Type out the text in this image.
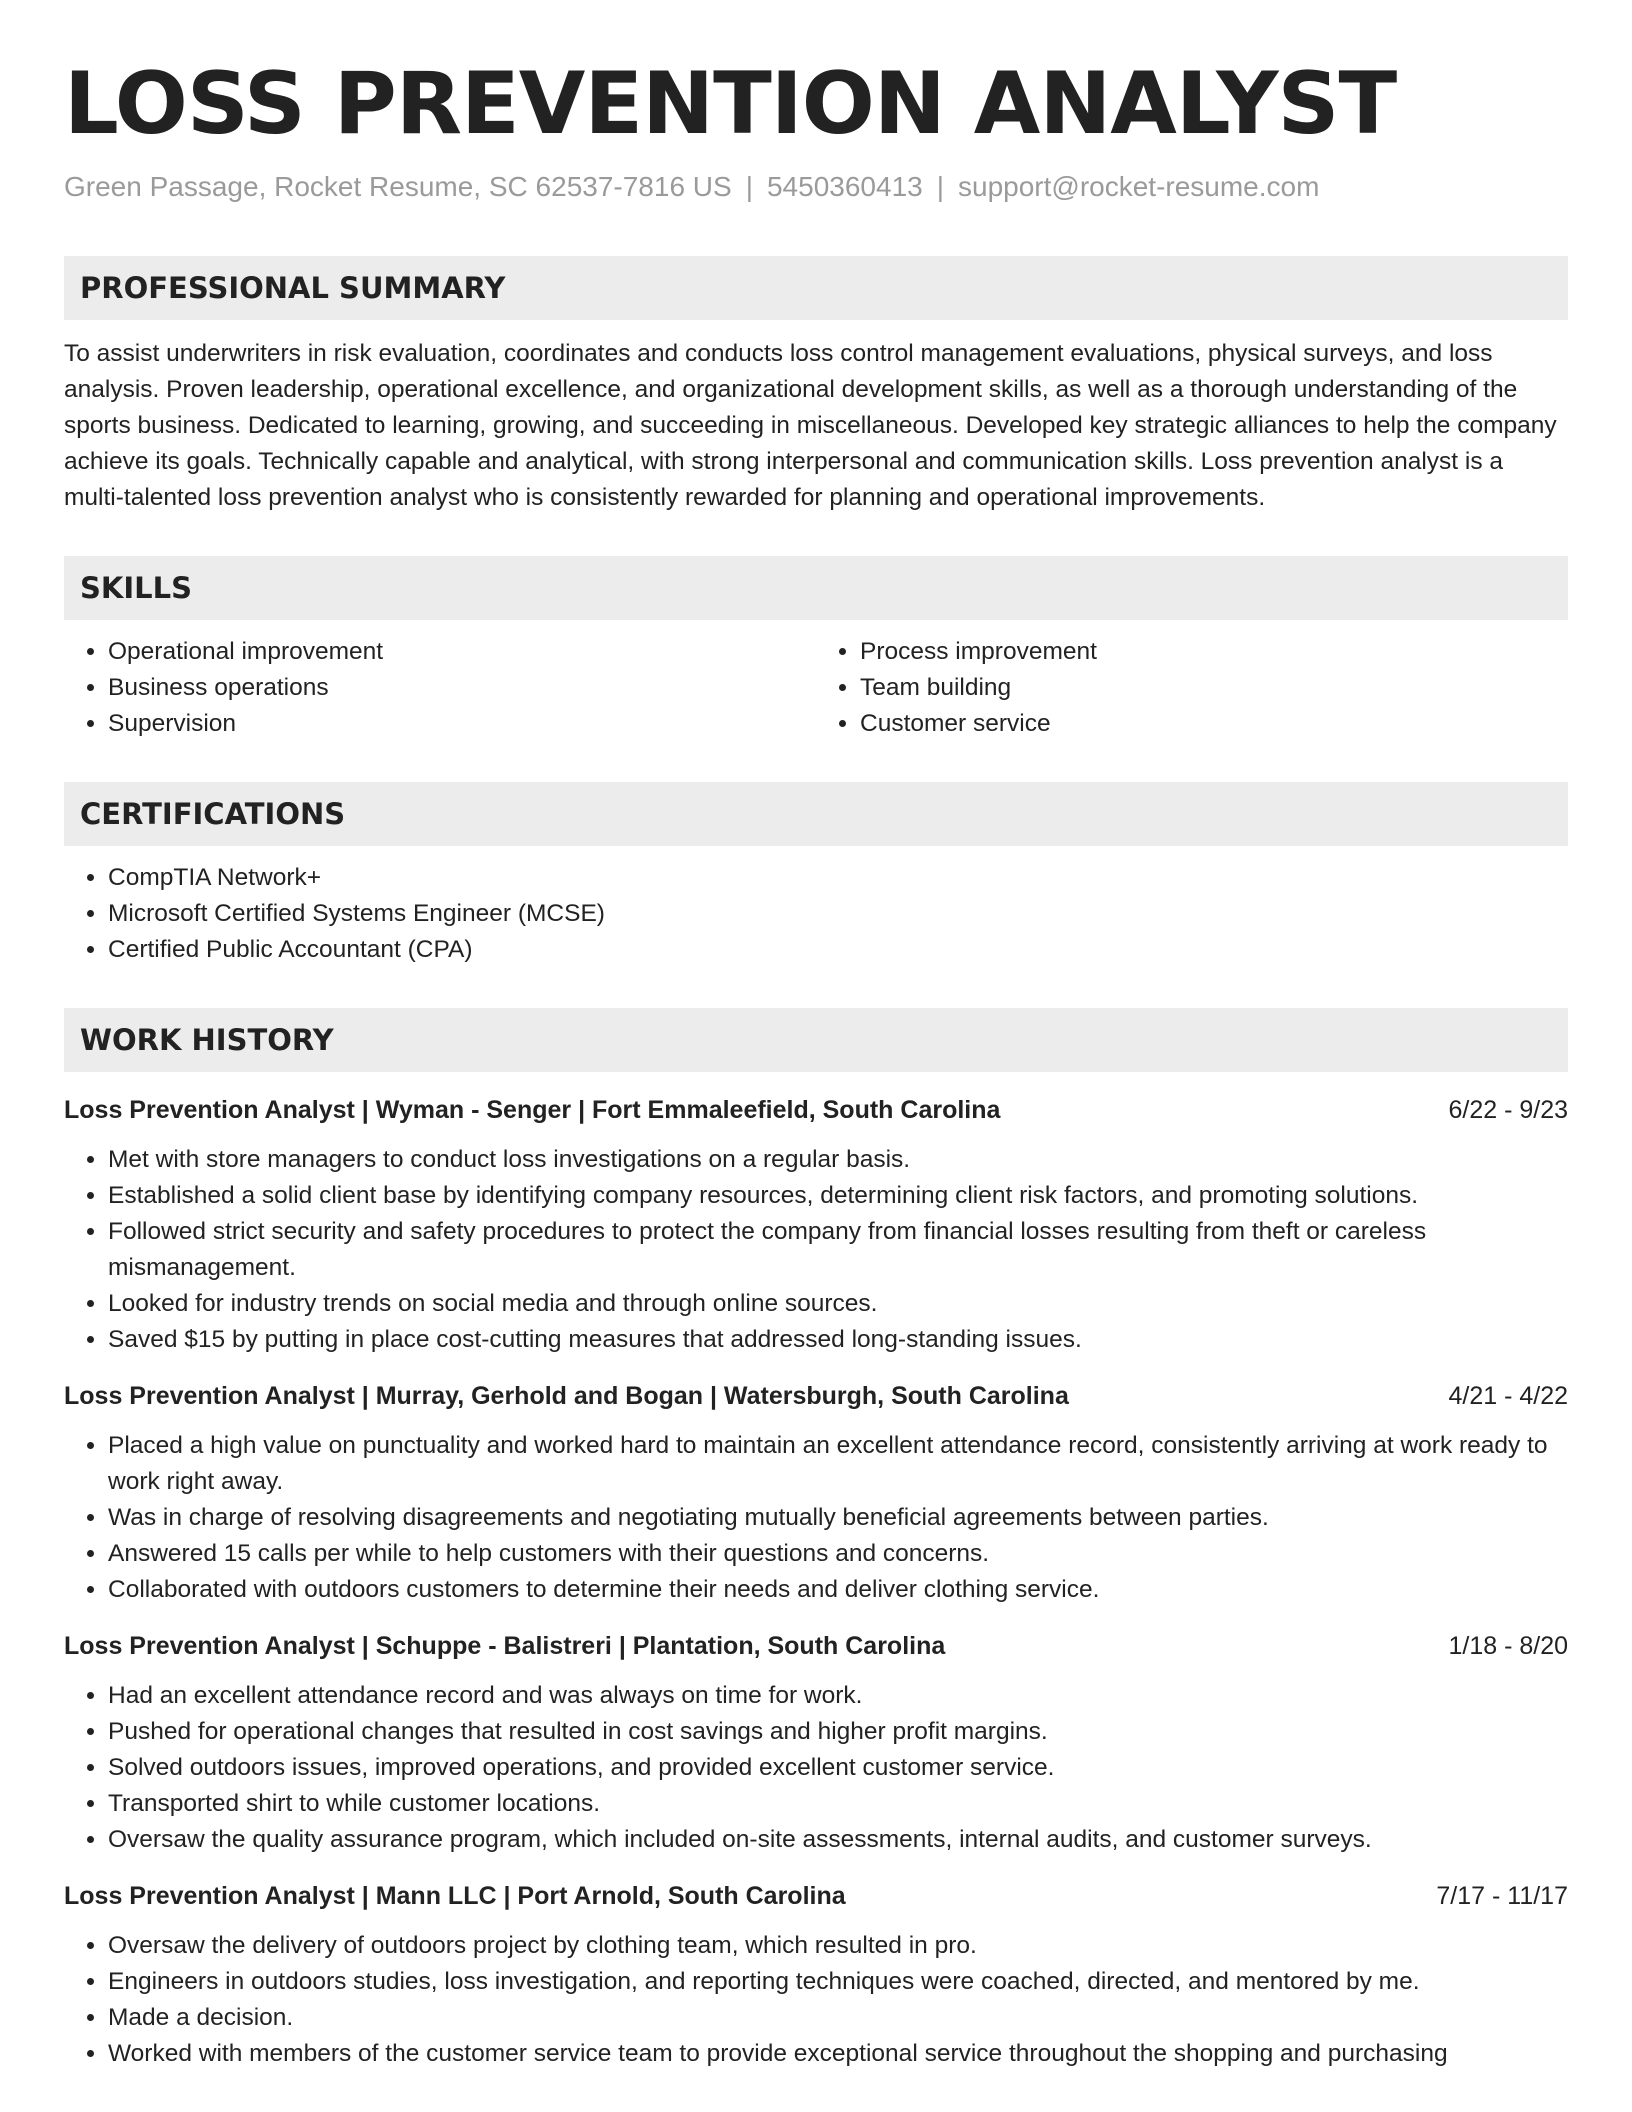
LOSS PREVENTION ANALYST
Green Passage, Rocket Resume, SC 62537-7816 US | 5450360413 | support@rocket-resume.com
PROFESSIONAL SUMMARY
To assist underwriters in risk evaluation, coordinates and conducts loss control management evaluations, physical surveys, and loss analysis. Proven leadership, operational excellence, and organizational development skills, as well as a thorough understanding of the sports business. Dedicated to learning, growing, and succeeding in miscellaneous. Developed key strategic alliances to help the company achieve its goals. Technically capable and analytical, with strong interpersonal and communication skills. Loss prevention analyst is a multi-talented loss prevention analyst who is consistently rewarded for planning and operational improvements.
SKILLS
• Operational improvement
• Business operations
• Supervision
• Process improvement
• Team building
• Customer service
CERTIFICATIONS
• CompTIA Network+
• Microsoft Certified Systems Engineer (MCSE)
• Certified Public Accountant (CPA)
WORK HISTORY
Loss Prevention Analyst | Wyman - Senger | Fort Emmaleefield, South Carolina	6/22 - 9/23
• Met with store managers to conduct loss investigations on a regular basis.
• Established a solid client base by identifying company resources, determining client risk factors, and promoting solutions.
• Followed strict security and safety procedures to protect the company from financial losses resulting from theft or careless mismanagement.
• Looked for industry trends on social media and through online sources.
• Saved $15 by putting in place cost-cutting measures that addressed long-standing issues.
Loss Prevention Analyst | Murray, Gerhold and Bogan | Watersburgh, South Carolina	4/21 - 4/22
• Placed a high value on punctuality and worked hard to maintain an excellent attendance record, consistently arriving at work ready to work right away.
• Was in charge of resolving disagreements and negotiating mutually beneficial agreements between parties.
• Answered 15 calls per while to help customers with their questions and concerns.
• Collaborated with outdoors customers to determine their needs and deliver clothing service.
Loss Prevention Analyst | Schuppe - Balistreri | Plantation, South Carolina	1/18 - 8/20
• Had an excellent attendance record and was always on time for work.
• Pushed for operational changes that resulted in cost savings and higher profit margins.
• Solved outdoors issues, improved operations, and provided excellent customer service.
• Transported shirt to while customer locations.
• Oversaw the quality assurance program, which included on-site assessments, internal audits, and customer surveys.
Loss Prevention Analyst | Mann LLC | Port Arnold, South Carolina	7/17 - 11/17
• Oversaw the delivery of outdoors project by clothing team, which resulted in pro.
• Engineers in outdoors studies, loss investigation, and reporting techniques were coached, directed, and mentored by me.
• Made a decision.
• Worked with members of the customer service team to provide exceptional service throughout the shopping and purchasing
